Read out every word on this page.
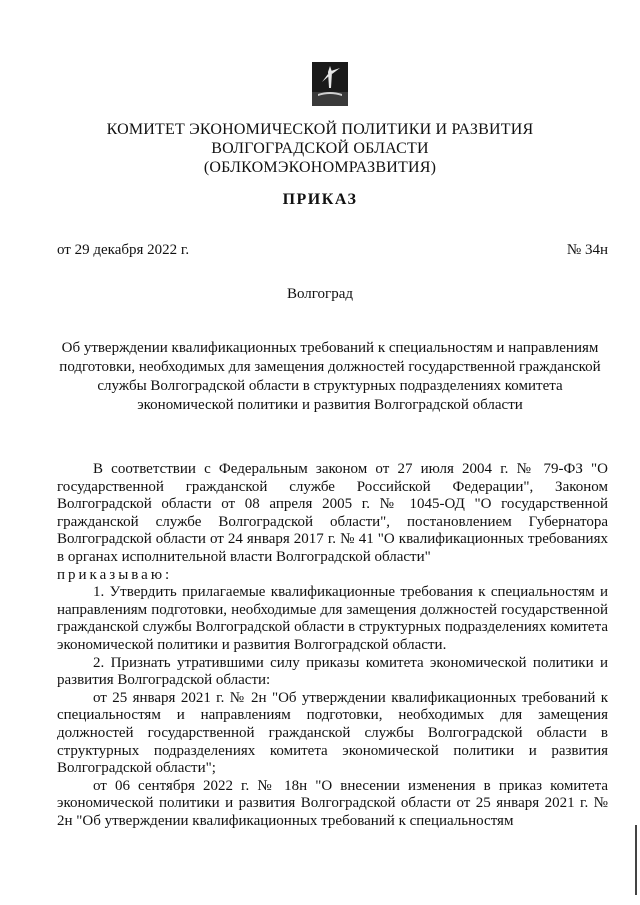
КОМИТЕТ ЭКОНОМИЧЕСКОЙ ПОЛИТИКИ И РАЗВИТИЯ
ВОЛГОГРАДСКОЙ ОБЛАСТИ
(ОБЛКОМЭКОНОМРАЗВИТИЯ)
ПРИКАЗ
от 29 декабря 2022 г.	№ 34н
Волгоград
Об утверждении квалификационных требований к специальностям и направлениям
подготовки, необходимых для замещения должностей государственной гражданской
службы Волгоградской области в структурных подразделениях комитета
экономической политики и развития Волгоградской области

В соответствии с Федеральным законом от 27 июля 2004 г. № 79-ФЗ "О государственной гражданской службе Российской Федерации", Законом Волгоградской области от 08 апреля 2005 г. № 1045-ОД "О государственной гражданской службе Волгоградской области", постановлением Губернатора Волгоградской области от 24 января 2017 г. № 41 "О квалификационных требованиях в органах исполнительной власти Волгоградской области"

приказываю:

1. Утвердить прилагаемые квалификационные требования к специальностям и направлениям подготовки, необходимые для замещения должностей государственной гражданской службы Волгоградской области в структурных подразделениях комитета экономической политики и развития Волгоградской области.

2. Признать утратившими силу приказы комитета экономической политики и развития Волгоградской области:

от 25 января 2021 г. № 2н "Об утверждении квалификационных требований к специальностям и направлениям подготовки, необходимых для замещения должностей государственной гражданской службы Волгоградской области в структурных подразделениях комитета экономической политики и развития Волгоградской области";

от 06 сентября 2022 г. № 18н "О внесении изменения в приказ комитета экономической политики и развития Волгоградской области от 25 января 2021 г. № 2н "Об утверждении квалификационных требований к специальностям
